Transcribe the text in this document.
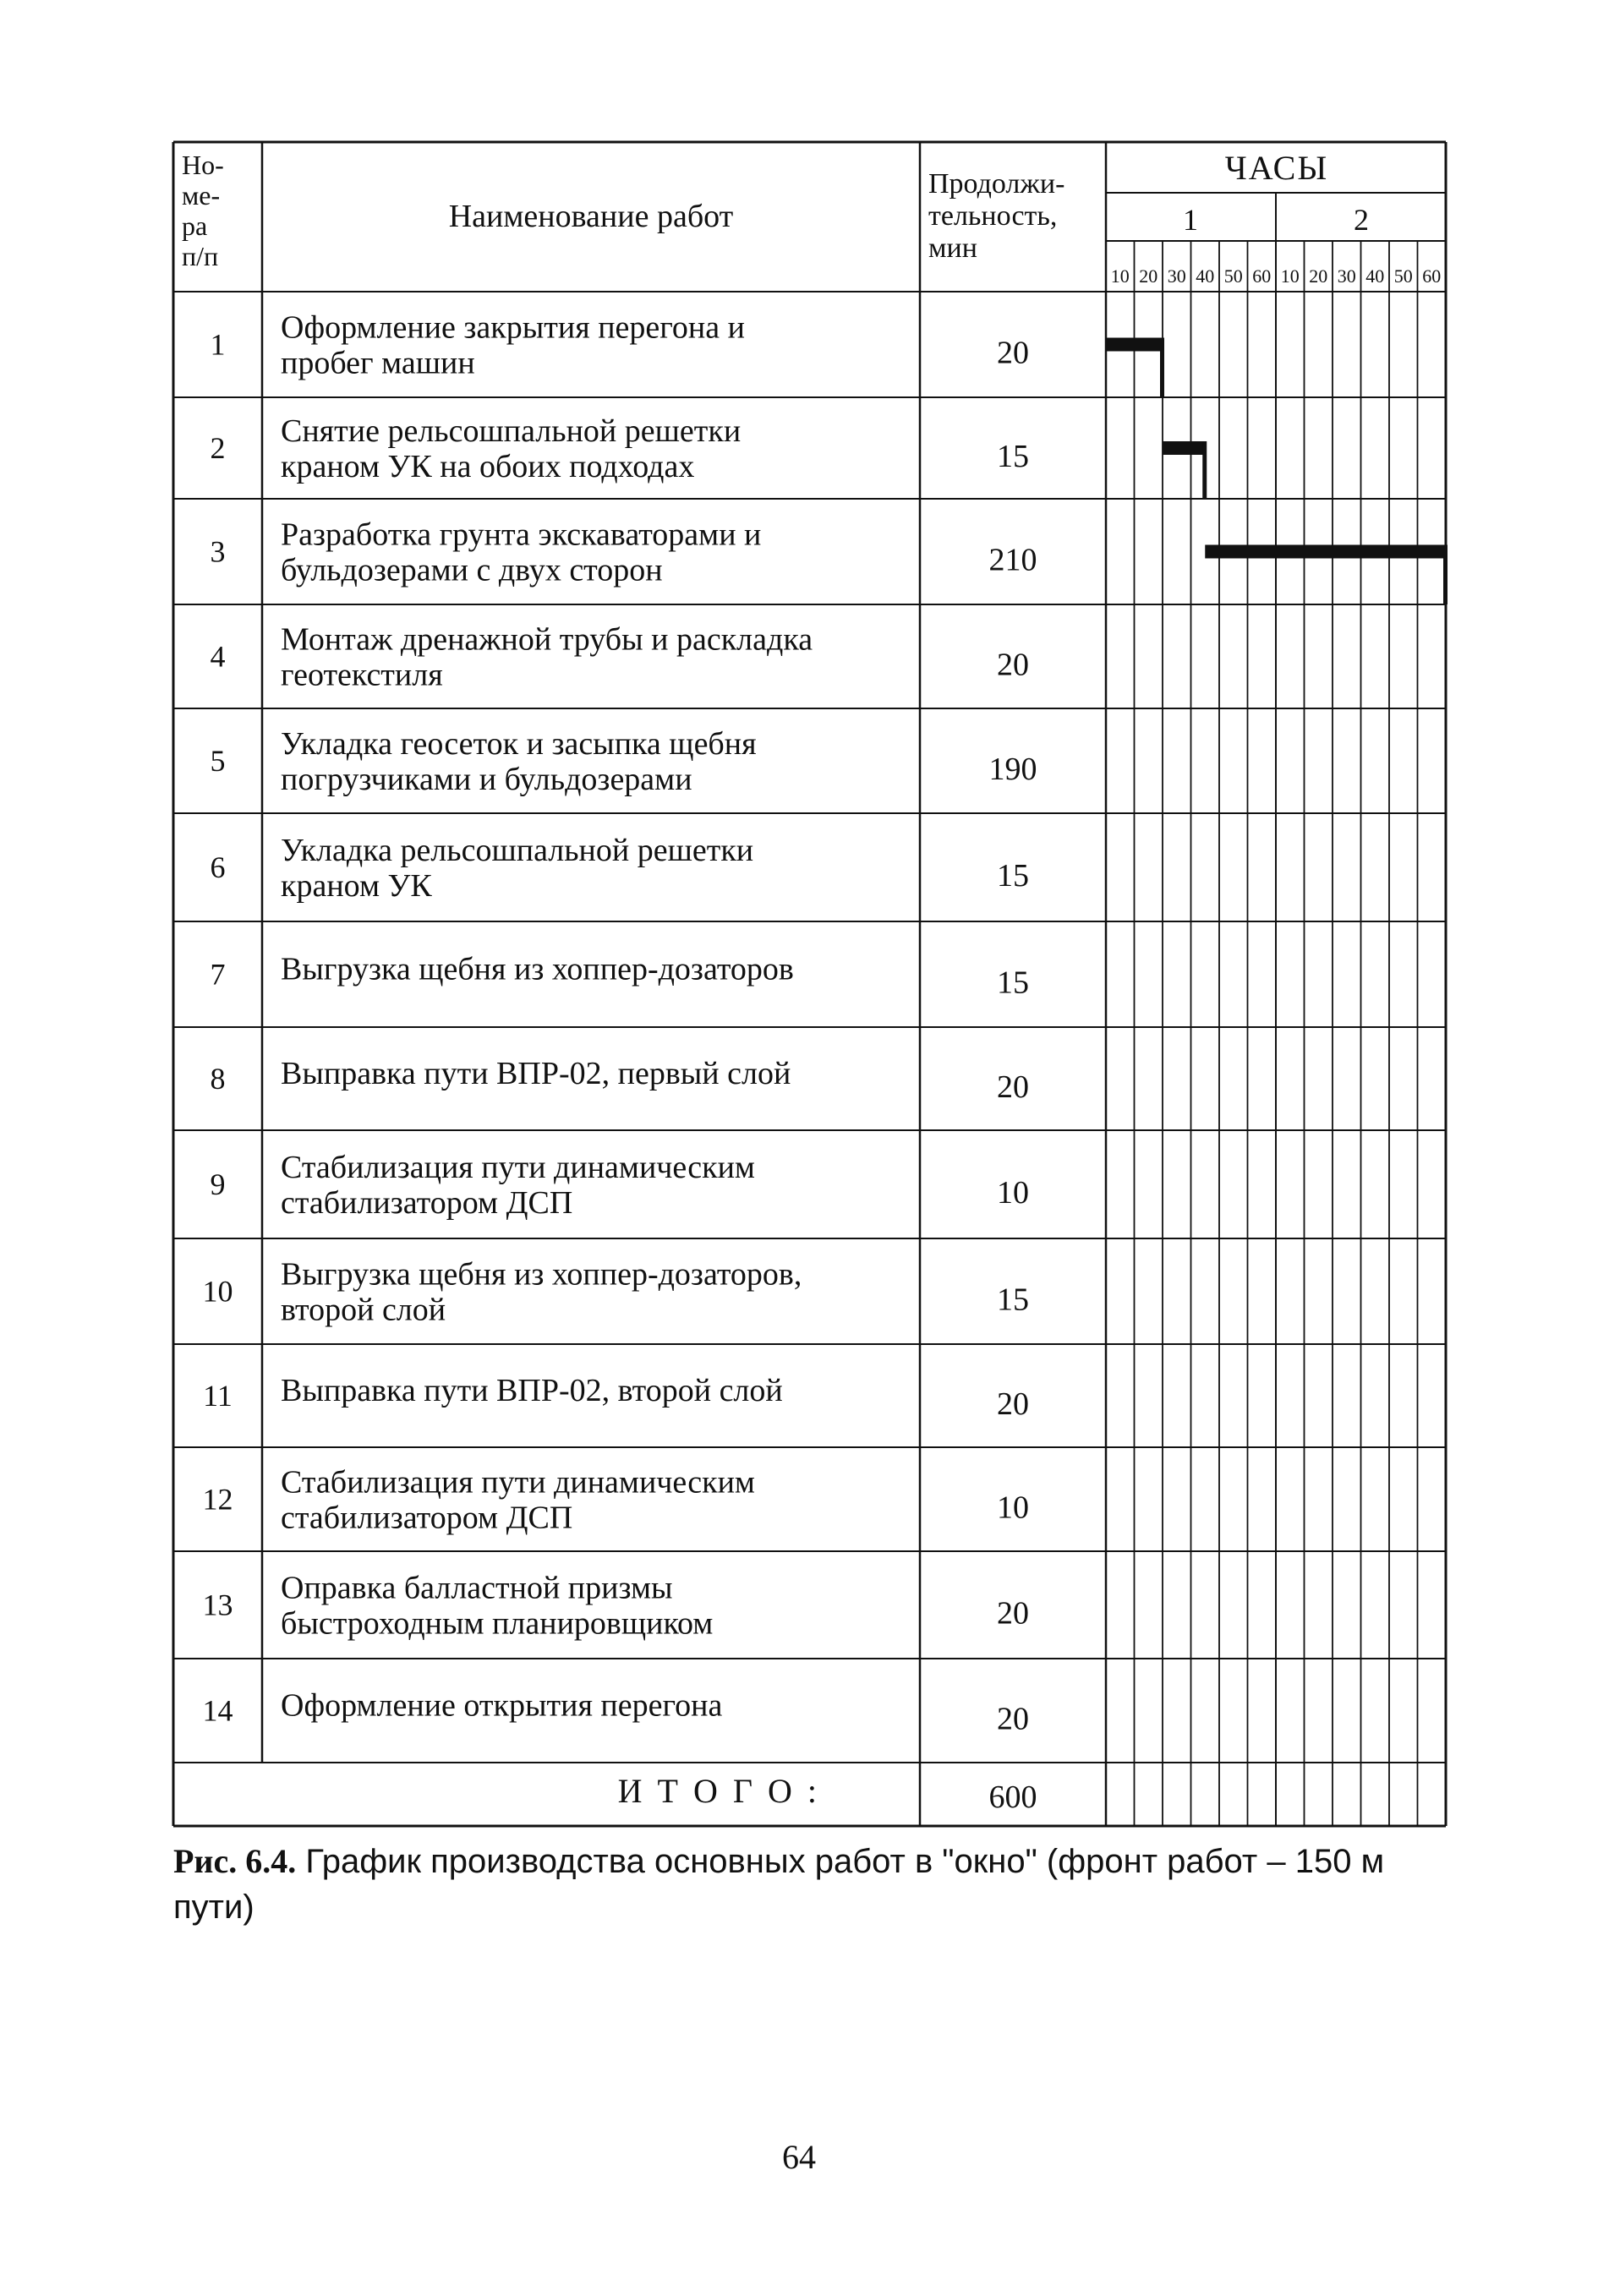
Но-
ме-
ра
п/п
Наименование работ
Продолжи-
тельность,
мин
ЧАСЫ
1	2
10 20 30 40 50 60 10 20 30 40 50 60
1 Оформление закрытия перегона и
пробег машин	20
2 Снятие рельсошпальной решетки
краном УК на обоих подходах	15
3 Разработка грунта экскаваторами и
бульдозерами с двух сторон	210
4 Монтаж дренажной трубы и раскладка
геотекстиля	20
5 Укладка геосеток и засыпка щебня
погрузчиками и бульдозерами	190
6 Укладка рельсошпальной решетки
краном УК	15
7 Выгрузка щебня из хоппер-дозаторов	15
8 Выправка пути ВПР-02, первый слой	20
9 Стабилизация пути динамическим
стабилизатором ДСП	10
10 Выгрузка щебня из хоппер-дозаторов,
второй слой	15
11 Выправка пути ВПР-02, второй слой	20
12 Стабилизация пути динамическим
стабилизатором ДСП	10
13 Оправка балластной призмы
быстроходным планировщиком	20
14 Оформление открытия перегона	20
И Т О Г О :	600
Рис. 6.4. График производства основных работ в "окно" (фронт работ – 150 м пути)
64
